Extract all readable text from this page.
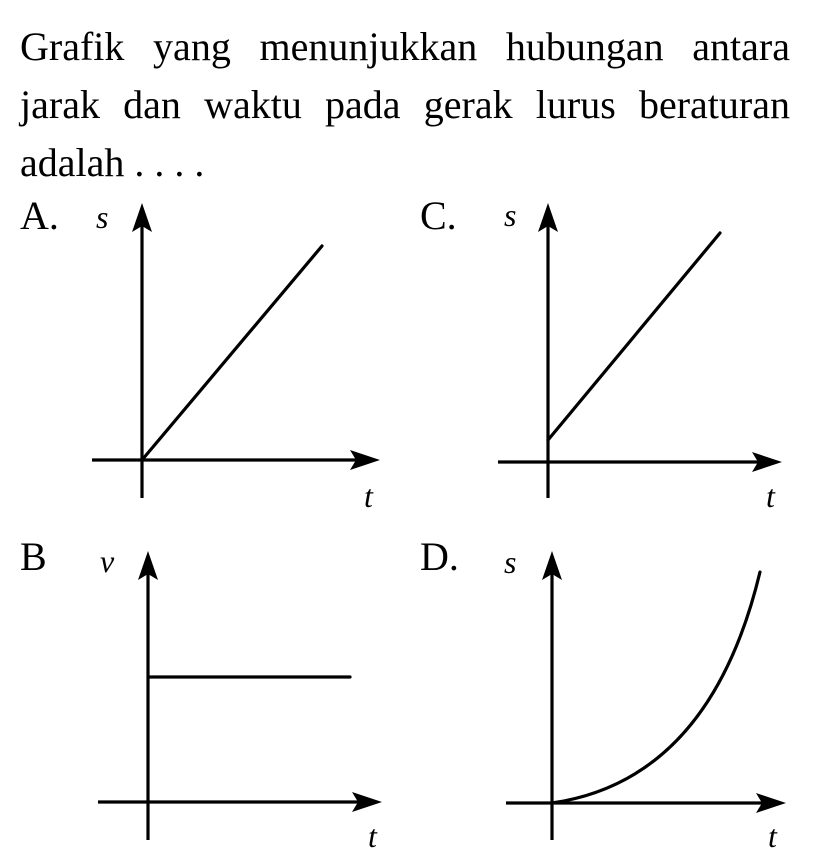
Grafik yang menunjukkan hubungan antara jarak dan waktu pada gerak lurus beraturan adalah . . . .

A.	C.
B	D.
s
t
s
t
v
t
s
t
